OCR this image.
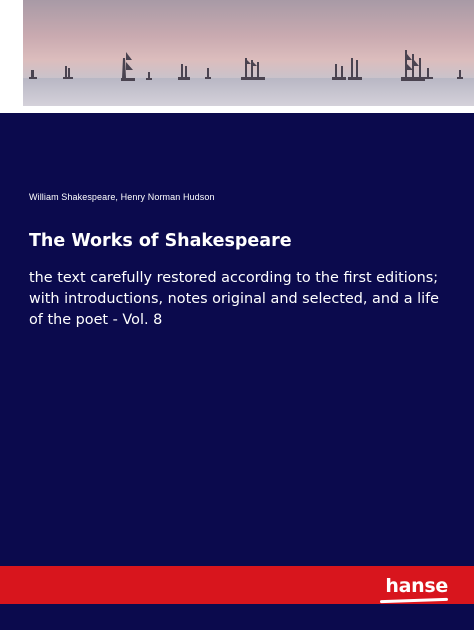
William Shakespeare, Henry Norman Hudson
The Works of Shakespeare

the text carefully restored according to the first editions; with introductions, notes original and selected, and a life of the poet - Vol. 8

hanse
